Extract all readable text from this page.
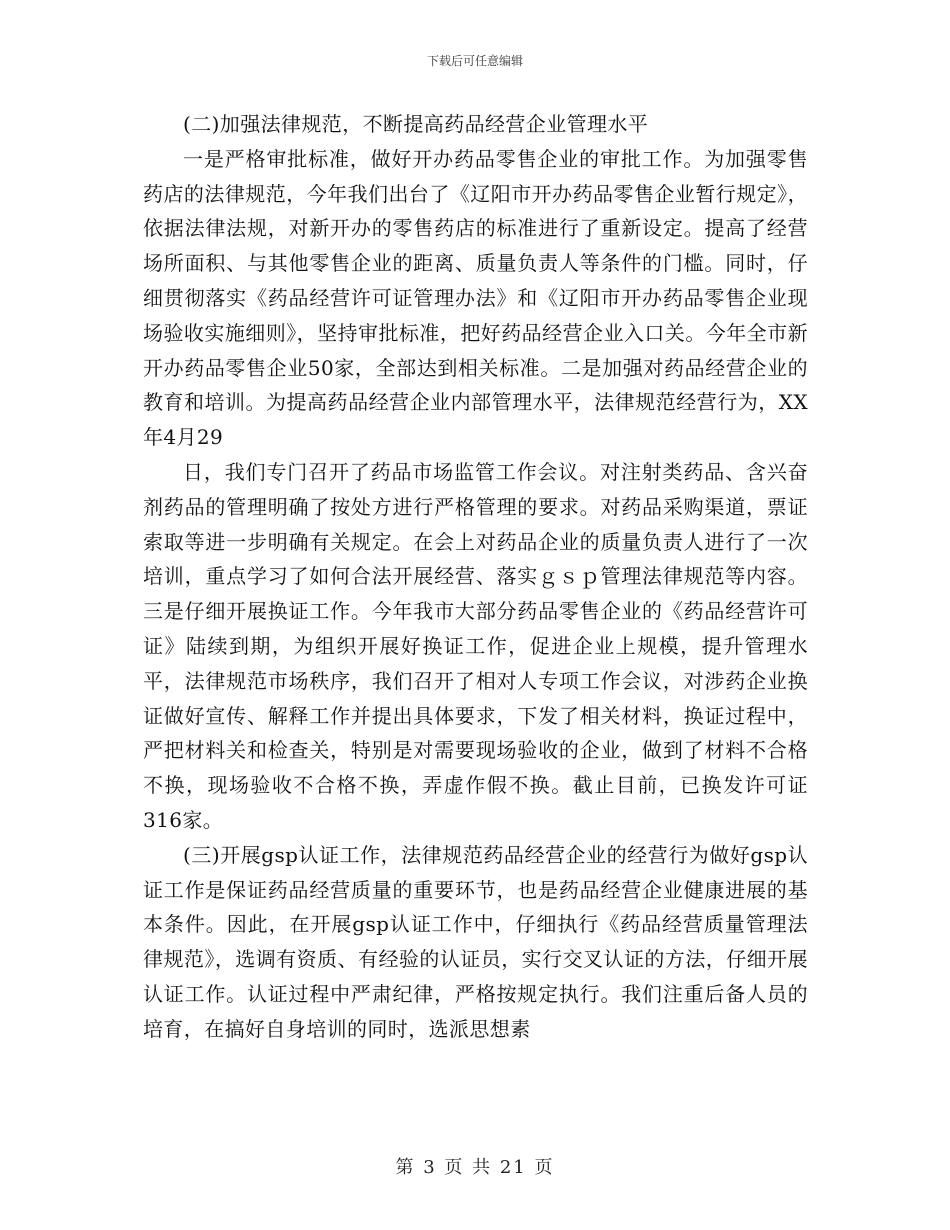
下载后可任意编辑

(二)加强法律规范，不断提高药品经营企业管理水平

一是严格审批标准，做好开办药品零售企业的审批工作。为加强零售药店的法律规范，今年我们出台了《辽阳市开办药品零售企业暂行规定》，依据法律法规，对新开办的零售药店的标准进行了重新设定。提高了经营场所面积、与其他零售企业的距离、质量负责人等条件的门槛。同时，仔细贯彻落实《药品经营许可证管理办法》和《辽阳市开办药品零售企业现场验收实施细则》，坚持审批标准，把好药品经营企业入口关。今年全市新开办药品零售企业50家，全部达到相关标准。二是加强对药品经营企业的教育和培训。为提高药品经营企业内部管理水平，法律规范经营行为，XX年4月29

日，我们专门召开了药品市场监管工作会议。对注射类药品、含兴奋剂药品的管理明确了按处方进行严格管理的要求。对药品采购渠道，票证索取等进一步明确有关规定。在会上对药品企业的质量负责人进行了一次培训，重点学习了如何合法开展经营、落实ｇｓｐ管理法律规范等内容。三是仔细开展换证工作。今年我市大部分药品零售企业的《药品经营许可证》陆续到期，为组织开展好换证工作，促进企业上规模，提升管理水平，法律规范市场秩序，我们召开了相对人专项工作会议，对涉药企业换证做好宣传、解释工作并提出具体要求，下发了相关材料，换证过程中，严把材料关和检查关，特别是对需要现场验收的企业，做到了材料不合格不换，现场验收不合格不换，弄虚作假不换。截止目前，已换发许可证316家。

(三)开展gsp认证工作，法律规范药品经营企业的经营行为做好gsp认证工作是保证药品经营质量的重要环节，也是药品经营企业健康进展的基本条件。因此，在开展gsp认证工作中，仔细执行《药品经营质量管理法律规范》，选调有资质、有经验的认证员，实行交叉认证的方法，仔细开展认证工作。认证过程中严肃纪律，严格按规定执行。我们注重后备人员的培育，在搞好自身培训的同时，选派思想素

第 3 页 共 21 页
